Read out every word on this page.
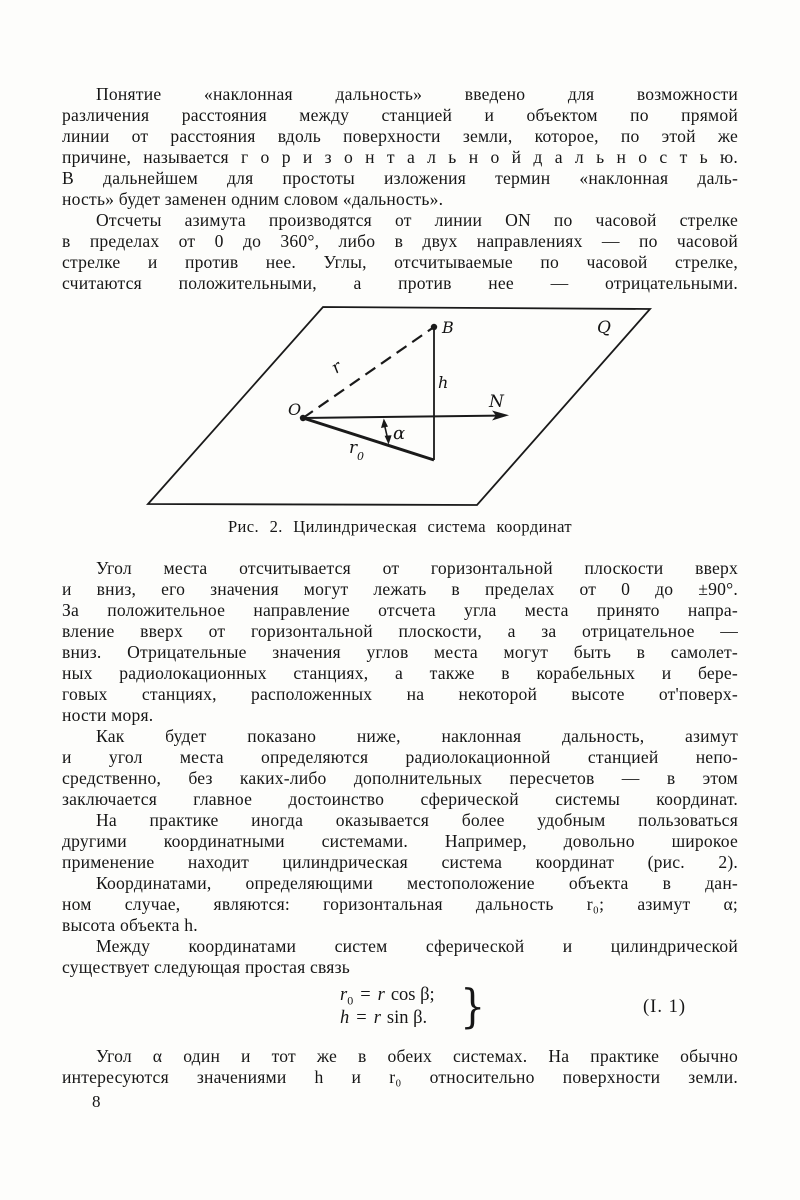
Понятие «наклонная дальность» введено для возможности
различения расстояния между станцией и объектом по прямой
линии от расстояния вдоль поверхности земли, которое, по этой же
причине, называется г о р и з о н т а л ь н о й д а л ь н о с т ь ю.
В дальнейшем для простоты изложения термин «наклонная даль-
ность» будет заменен одним словом «дальность».
Отсчеты азимута производятся от линии ON по часовой стрелке
в пределах от 0 до 360°, либо в двух направлениях — по часовой
стрелке и против нее. Углы, отсчитываемые по часовой стрелке,
считаются положительными, а против нее — отрицательными.
O
B
N
Q
r
h
α
r 0
Рис. 2. Цилиндрическая система координат
Угол места отсчитывается от горизонтальной плоскости вверх
и вниз, его значения могут лежать в пределах от 0 до ±90°.
За положительное направление отсчета угла места принято напра-
вление вверх от горизонтальной плоскости, а за отрицательное —
вниз. Отрицательные значения углов места могут быть в самолет-
ных радиолокационных станциях, а также в корабельных и бере-
говых станциях, расположенных на некоторой высоте от'поверх-
ности моря.
Как будет показано ниже, наклонная дальность, азимут
и угол места определяются радиолокационной станцией непо-
средственно, без каких-либо дополнительных пересчетов — в этом
заключается главное достоинство сферической системы координат.
На практике иногда оказывается более удобным пользоваться
другими координатными системами. Например, довольно широкое
применение находит цилиндрическая система координат (рис. 2).
Координатами, определяющими местоположение объекта в дан-
ном случае, являются: горизонтальная дальность r₀; азимут α;
высота объекта h.
Между координатами систем сферической и цилиндрической
существует следующая простая связь
$r_0 = r$ cos β;
h = r sin β. }	(I. 1)
Угол α один и тот же в обеих системах. На практике обычно
интересуются значениями h и r₀ относительно поверхности земли.
8
